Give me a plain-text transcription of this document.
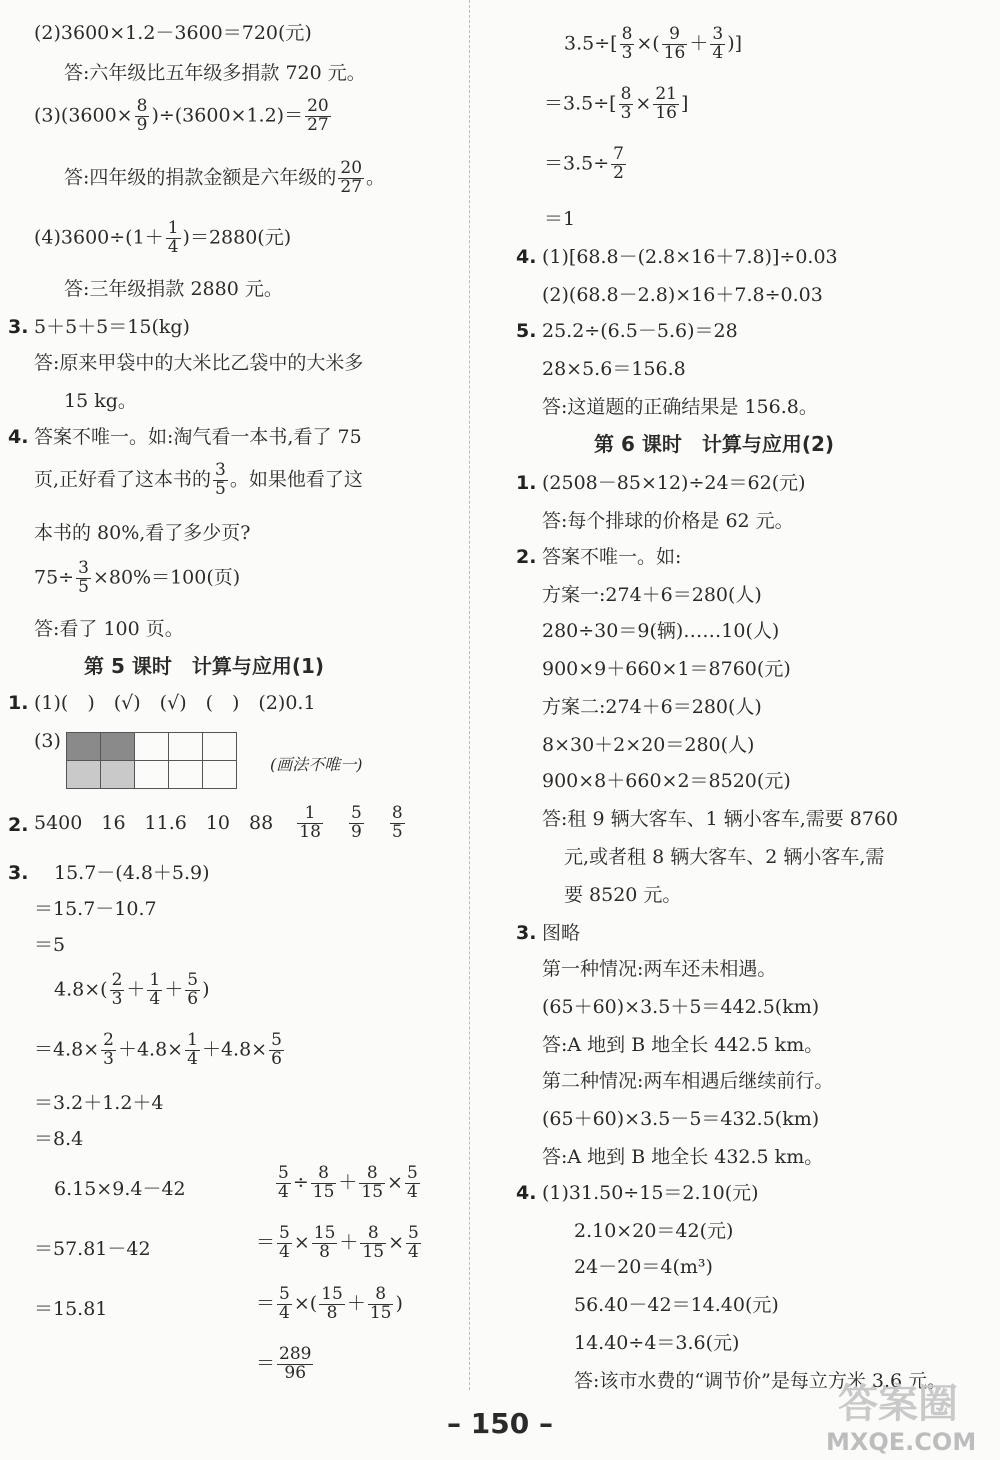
(2)3600×1.2－3600＝720(元)
答:六年级比五年级多捐款 720 元。
$(3)(3600\times \frac{8}{9} )\div(3600\times 1.2)= \frac{20}{27}$
答:四年级的捐款金额是六年级的 $\frac{20}{27}$ 。
$(4)3600\div(1+ \frac{1}{4} )=2880$(元)
答:三年级捐款 2880 元。
3. 5＋5＋5＝15(kg)
答:原来甲袋中的大米比乙袋中的大米多
15 kg。
4. 答案不唯一。如:淘气看一本书,看了 75
页,正好看了这本书的 $\frac{3}{5}$ 。如果他看了这
本书的 80%,看了多少页?
$75\div \frac{3}{5} \times 80\%=100$(页)
答:看了 100 页。
第 5 课时　计算与应用(1)
1. (1)(　)　(√)　(√)　(　)　(2)0.1
(3)

(画法不唯一)
2. 5400　16　11.6　10　$88 \frac{1}{18}$
$\frac{5}{9}$
$\frac{8}{5}$
3. 15.7－(4.8＋5.9)
＝15.7－10.7
＝5
$4.8\times( \frac{2}{3} + \frac{1}{4} + \frac{5}{6}$ )
$=4.8\times \frac{2}{3} +4.8\times \frac{1}{4} +4.8\times \frac{5}{6}$
＝3.2＋1.2＋4
＝8.4
6.15×9.4－42
＝57.81－42
＝15.81
$\frac{5}{4} \div \frac{8}{15} + \frac{8}{15} \times \frac{5}{4}$
＝ $\frac{5}{4} \times \frac{15}{8} + \frac{8}{15} \times \frac{5}{4}$
＝ $\frac{5}{4}$ ×( $\frac{15}{8} + \frac{8}{15}$ )
＝ $\frac{289}{96}$
$3.5\div[ \frac{8}{3}$ ×( $\frac{9}{16} + \frac{3}{4}$ )]
$=3.5\div[ \frac{8}{3} \times \frac{21}{16}$ ]
$=3.5\div \frac{7}{2}$
＝1
4. (1)[68.8－(2.8×16＋7.8)]÷0.03
(2)(68.8－2.8)×16＋7.8÷0.03
5. 25.2÷(6.5－5.6)＝28
28×5.6＝156.8
答:这道题的正确结果是 156.8。
第 6 课时　计算与应用(2)
1. (2508－85×12)÷24＝62(元)
答:每个排球的价格是 62 元。
2. 答案不唯一。如:
方案一:274＋6＝280(人)
280÷30＝9(辆)……10(人)
900×9＋660×1＝8760(元)
方案二:274＋6＝280(人)
8×30＋2×20＝280(人)
900×8＋660×2＝8520(元)
答:租 9 辆大客车、1 辆小客车,需要 8760
元,或者租 8 辆大客车、2 辆小客车,需
要 8520 元。
3. 图略
第一种情况:两车还未相遇。
(65＋60)×3.5＋5＝442.5(km)
答:A 地到 B 地全长 442.5 km。
第二种情况:两车相遇后继续前行。
(65＋60)×3.5－5＝432.5(km)
答:A 地到 B 地全长 432.5 km。
4. (1)31.50÷15＝2.10(元)
2.10×20＝42(元)
24－20＝4(m³)
56.40－42＝14.40(元)
14.40÷4＝3.6(元)
答:该市水费的“调节价”是每立方米 3.6 元。
– 150 –	答案圈
MXQE.COM
